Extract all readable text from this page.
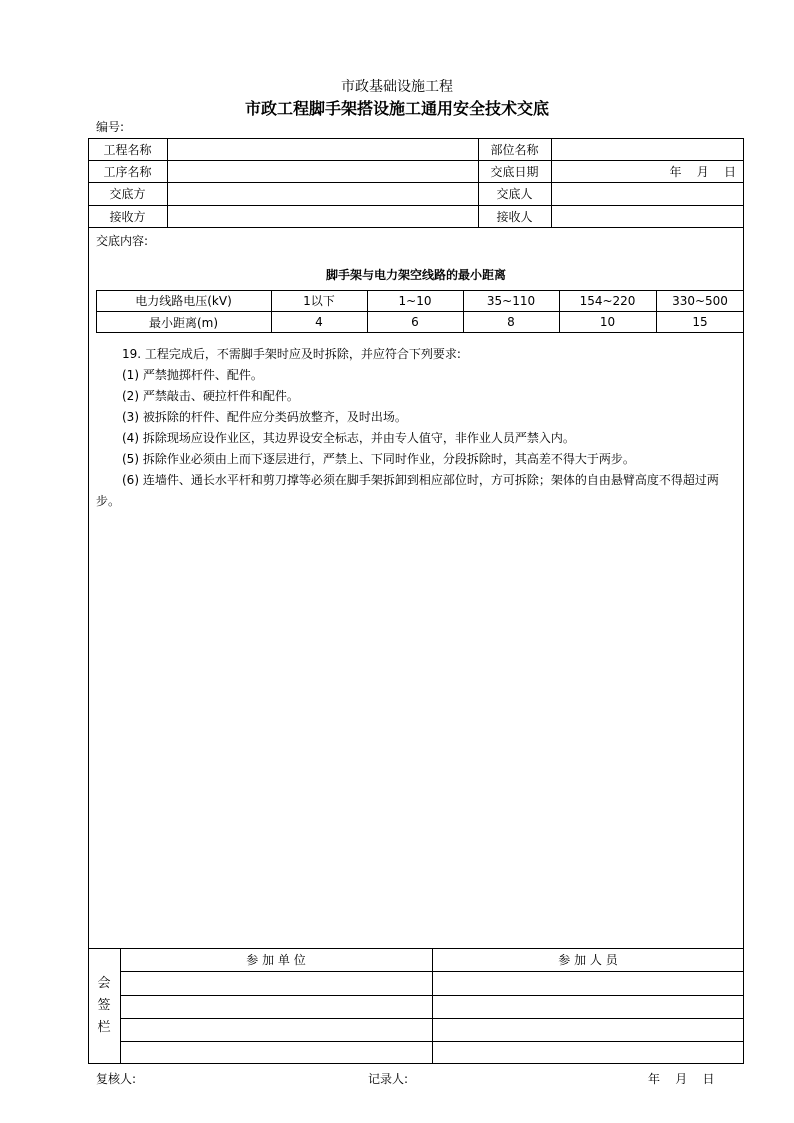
市政基础设施工程
市政工程脚手架搭设施工通用安全技术交底
编号:
工程名称	部位名称
工序名称	交底日期	年    月    日
交底方	交底人
接收方	接收人
交底内容:
脚手架与电力架空线路的最小距离
电力线路电压(kV)	1以下	1~10	35~110	154~220	330~500
最小距离(m)	4	6	8	10	15
19. 工程完成后，不需脚手架时应及时拆除，并应符合下列要求:
(1) 严禁抛掷杆件、配件。
(2) 严禁敲击、硬拉杆件和配件。
(3) 被拆除的杆件、配件应分类码放整齐，及时出场。
(4) 拆除现场应设作业区，其边界设安全标志，并由专人值守，非作业人员严禁入内。
(5) 拆除作业必须由上而下逐层进行，严禁上、下同时作业，分段拆除时，其高差不得大于两步。
(6) 连墙件、通长水平杆和剪刀撑等必须在脚手架拆卸到相应部位时，方可拆除；架体的自由悬臂高度不得超过两步。
会
签
栏
参 加 单 位	参 加 人 员
复核人:	记录人:	年    月    日
